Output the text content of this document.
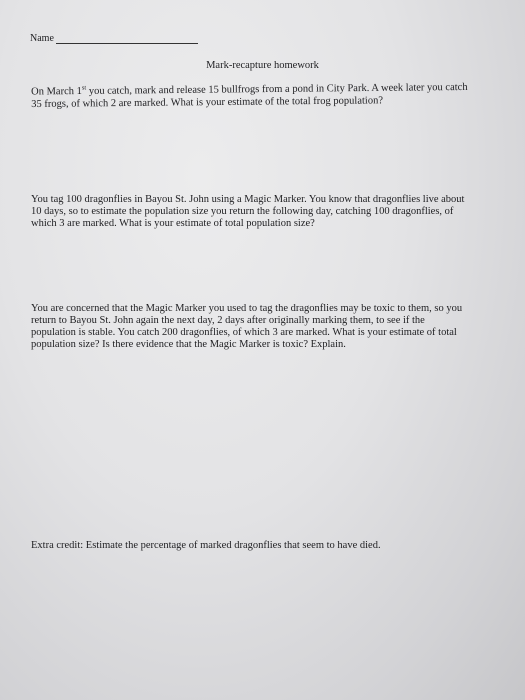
Name
Mark-recapture homework
On March 1st you catch, mark and release 15 bullfrogs from a pond in City Park. A week later you catch 35 frogs, of which 2 are marked. What is your estimate of the total frog population?
You tag 100 dragonflies in Bayou St. John using a Magic Marker. You know that dragonflies live about 10 days, so to estimate the population size you return the following day, catching 100 dragonflies, of which 3 are marked. What is your estimate of total population size?
You are concerned that the Magic Marker you used to tag the dragonflies may be toxic to them, so you return to Bayou St. John again the next day, 2 days after originally marking them, to see if the population is stable. You catch 200 dragonflies, of which 3 are marked. What is your estimate of total population size? Is there evidence that the Magic Marker is toxic? Explain.
Extra credit: Estimate the percentage of marked dragonflies that seem to have died.
